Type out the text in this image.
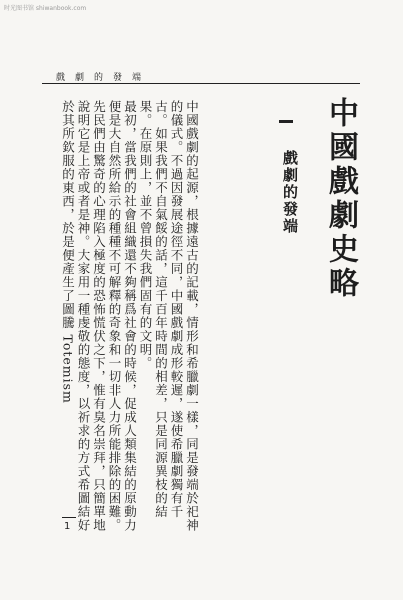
时光图书馆 shiwanbook.com
戲劇的發端
中國戲劇史略
戲劇的發端

中國戲劇的起源，根據遠古的記載，情形和希臘劇一樣，同是發端於祀神的儀式。不過因發展途徑不同，中國戲劇成形較遲，遂使希臘劇獨有千古。如果我們不自氣餒的話，這千百年時間的相差，只是同源異枝的結果。在原則上，並不曾損失我們固有的文明。

最初，當我們的社會組織還不夠稱爲社會的時候，促成人類集結的原動力便是大自然所給示的種種不可解釋的奇象和一切非人力所能排除的困難。先民們由驚奇的心理陷入極度的恐怖慌伏之下，惟有臭名崇拜，只簡單地說明它是上帝或者是神。大家用一種虔敬的態度，以祈求的方式希圖結好於其所欽服的東西，於是便產生了圖騰 Totemism

1
